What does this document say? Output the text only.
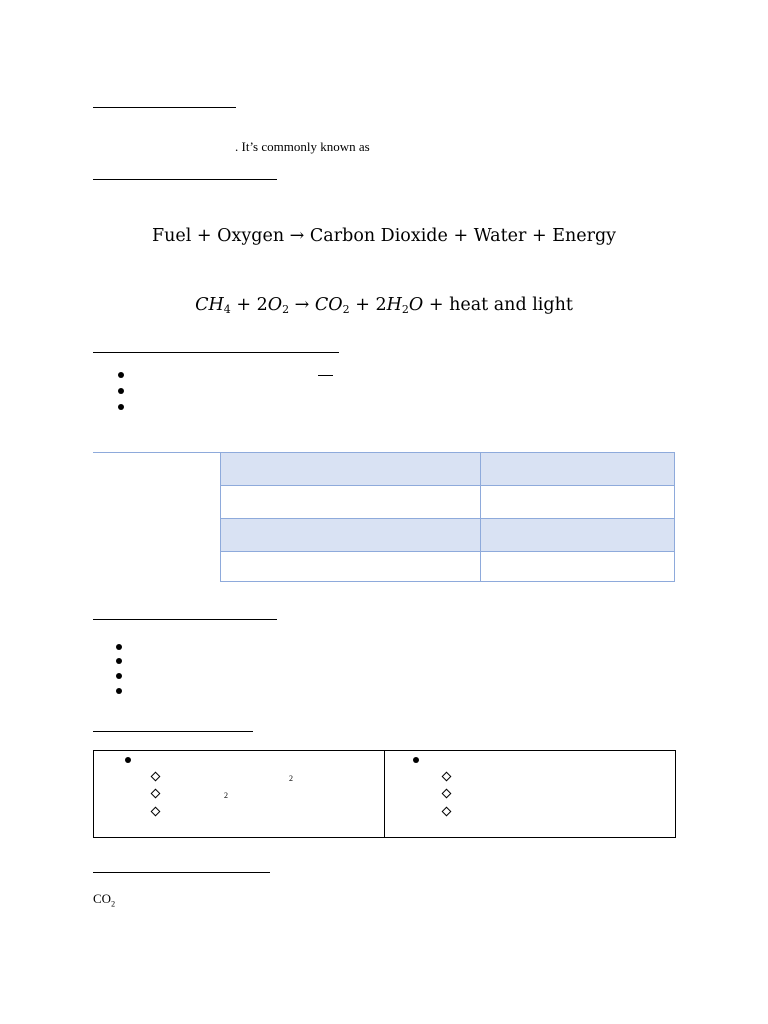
. It’s commonly known as
Fuel + Oxygen → Carbon Dioxide + Water + Energy
$CH_4 + 2O_2 \to CO_2 + 2H_2O$ + heat and light

2
2
$CO_2$
